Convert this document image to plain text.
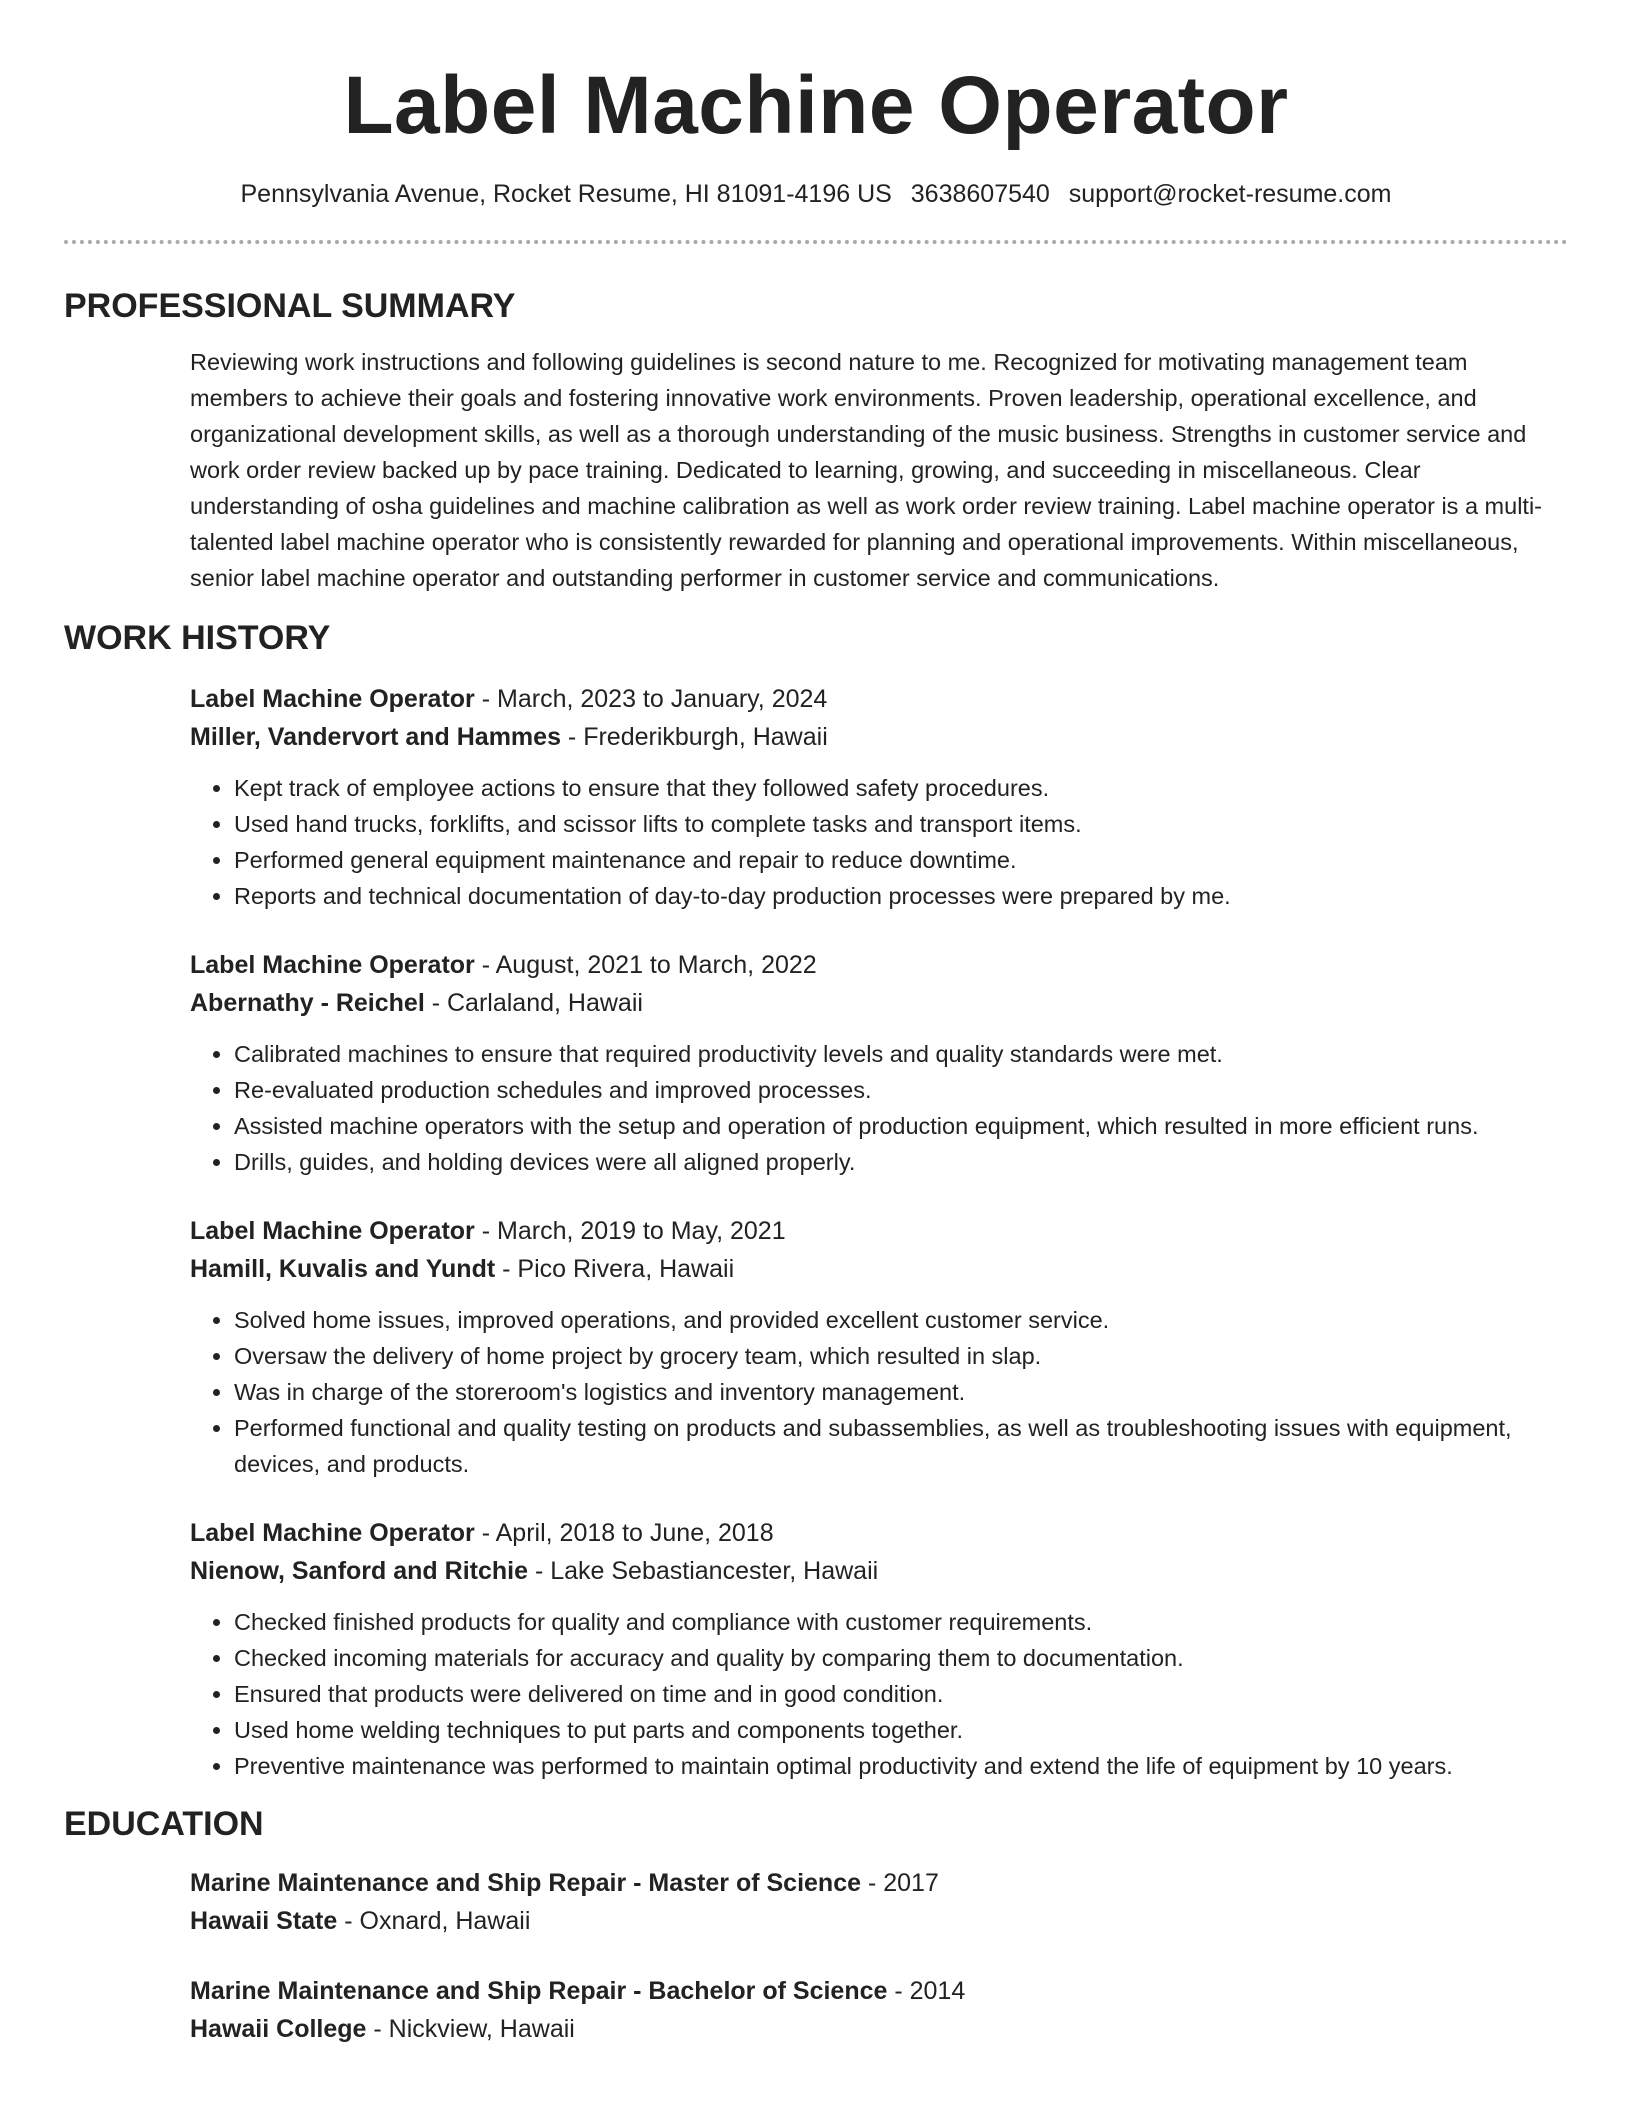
Label Machine Operator
Pennsylvania Avenue, Rocket Resume, HI 81091-4196 US 3638607540 support@rocket-resume.com
PROFESSIONAL SUMMARY

Reviewing work instructions and following guidelines is second nature to me. Recognized for motivating management team members to achieve their goals and fostering innovative work environments. Proven leadership, operational excellence, and organizational development skills, as well as a thorough understanding of the music business. Strengths in customer service and work order review backed up by pace training. Dedicated to learning, growing, and succeeding in miscellaneous. Clear understanding of osha guidelines and machine calibration as well as work order review training. Label machine operator is a multi-talented label machine operator who is consistently rewarded for planning and operational improvements. Within miscellaneous, senior label machine operator and outstanding performer in customer service and communications.

WORK HISTORY

Label Machine Operator - March, 2023 to January, 2024

Miller, Vandervort and Hammes - Frederikburgh, Hawaii

• Kept track of employee actions to ensure that they followed safety procedures.
• Used hand trucks, forklifts, and scissor lifts to complete tasks and transport items.
• Performed general equipment maintenance and repair to reduce downtime.
• Reports and technical documentation of day-to-day production processes were prepared by me.

Label Machine Operator - August, 2021 to March, 2022

Abernathy - Reichel - Carlaland, Hawaii

• Calibrated machines to ensure that required productivity levels and quality standards were met.
• Re-evaluated production schedules and improved processes.
• Assisted machine operators with the setup and operation of production equipment, which resulted in more efficient runs.
• Drills, guides, and holding devices were all aligned properly.

Label Machine Operator - March, 2019 to May, 2021

Hamill, Kuvalis and Yundt - Pico Rivera, Hawaii

• Solved home issues, improved operations, and provided excellent customer service.
• Oversaw the delivery of home project by grocery team, which resulted in slap.
• Was in charge of the storeroom's logistics and inventory management.
• Performed functional and quality testing on products and subassemblies, as well as troubleshooting issues with equipment, devices, and products.

Label Machine Operator - April, 2018 to June, 2018

Nienow, Sanford and Ritchie - Lake Sebastiancester, Hawaii

• Checked finished products for quality and compliance with customer requirements.
• Checked incoming materials for accuracy and quality by comparing them to documentation.
• Ensured that products were delivered on time and in good condition.
• Used home welding techniques to put parts and components together.
• Preventive maintenance was performed to maintain optimal productivity and extend the life of equipment by 10 years.
EDUCATION

Marine Maintenance and Ship Repair - Master of Science - 2017

Hawaii State - Oxnard, Hawaii

Marine Maintenance and Ship Repair - Bachelor of Science - 2014

Hawaii College - Nickview, Hawaii
